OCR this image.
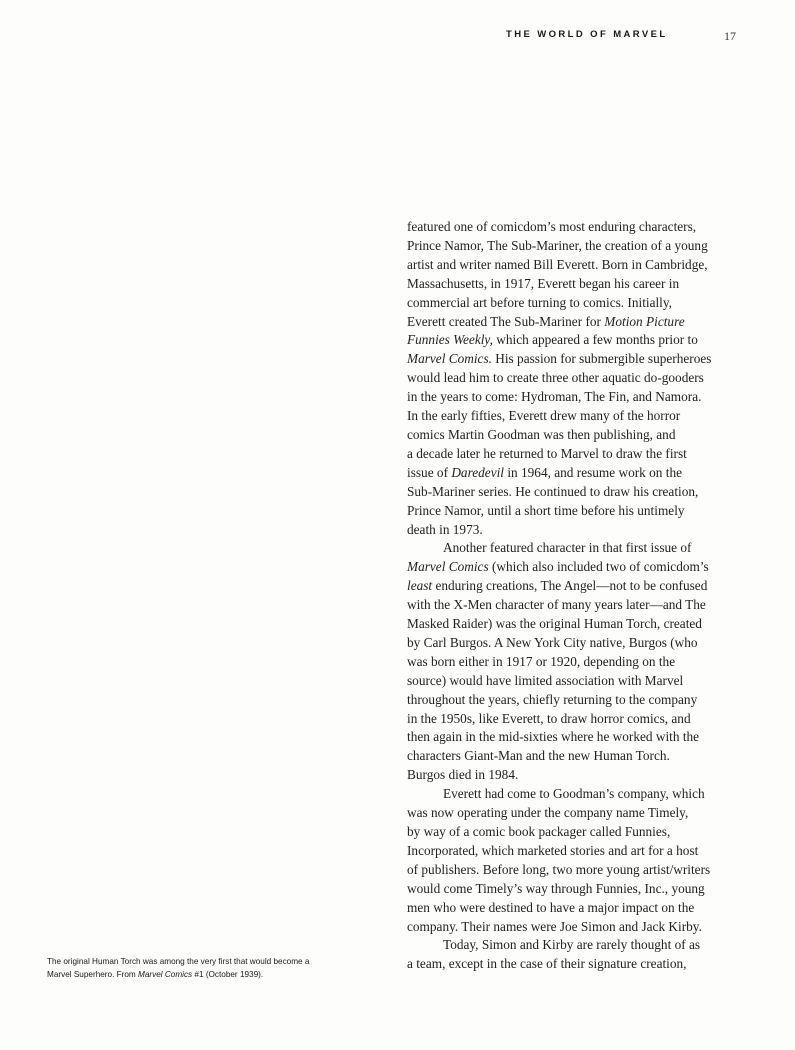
THE WORLD OF MARVEL	17

featured one of comicdom’s most enduring characters,
Prince Namor, The Sub-Mariner, the creation of a young
artist and writer named Bill Everett. Born in Cambridge,
Massachusetts, in 1917, Everett began his career in
commercial art before turning to comics. Initially,
Everett created The Sub-Mariner for Motion Picture
Funnies Weekly, which appeared a few months prior to
Marvel Comics. His passion for submergible superheroes
would lead him to create three other aquatic do-gooders
in the years to come: Hydroman, The Fin, and Namora.
In the early fifties, Everett drew many of the horror
comics Martin Goodman was then publishing, and
a decade later he returned to Marvel to draw the first
issue of Daredevil in 1964, and resume work on the
Sub-Mariner series. He continued to draw his creation,
Prince Namor, until a short time before his untimely
death in 1973.

Another featured character in that first issue of
Marvel Comics (which also included two of comicdom’s
least enduring creations, The Angel—not to be confused
with the X-Men character of many years later—and The
Masked Raider) was the original Human Torch, created
by Carl Burgos. A New York City native, Burgos (who
was born either in 1917 or 1920, depending on the
source) would have limited association with Marvel
throughout the years, chiefly returning to the company
in the 1950s, like Everett, to draw horror comics, and
then again in the mid-sixties where he worked with the
characters Giant-Man and the new Human Torch.
Burgos died in 1984.

Everett had come to Goodman’s company, which
was now operating under the company name Timely,
by way of a comic book packager called Funnies,
Incorporated, which marketed stories and art for a host
of publishers. Before long, two more young artist/writers
would come Timely’s way through Funnies, Inc., young
men who were destined to have a major impact on the
company. Their names were Joe Simon and Jack Kirby.

Today, Simon and Kirby are rarely thought of as
a team, except in the case of their signature creation,

The original Human Torch was among the very first that would become a
Marvel Superhero. From Marvel Comics #1 (October 1939).
